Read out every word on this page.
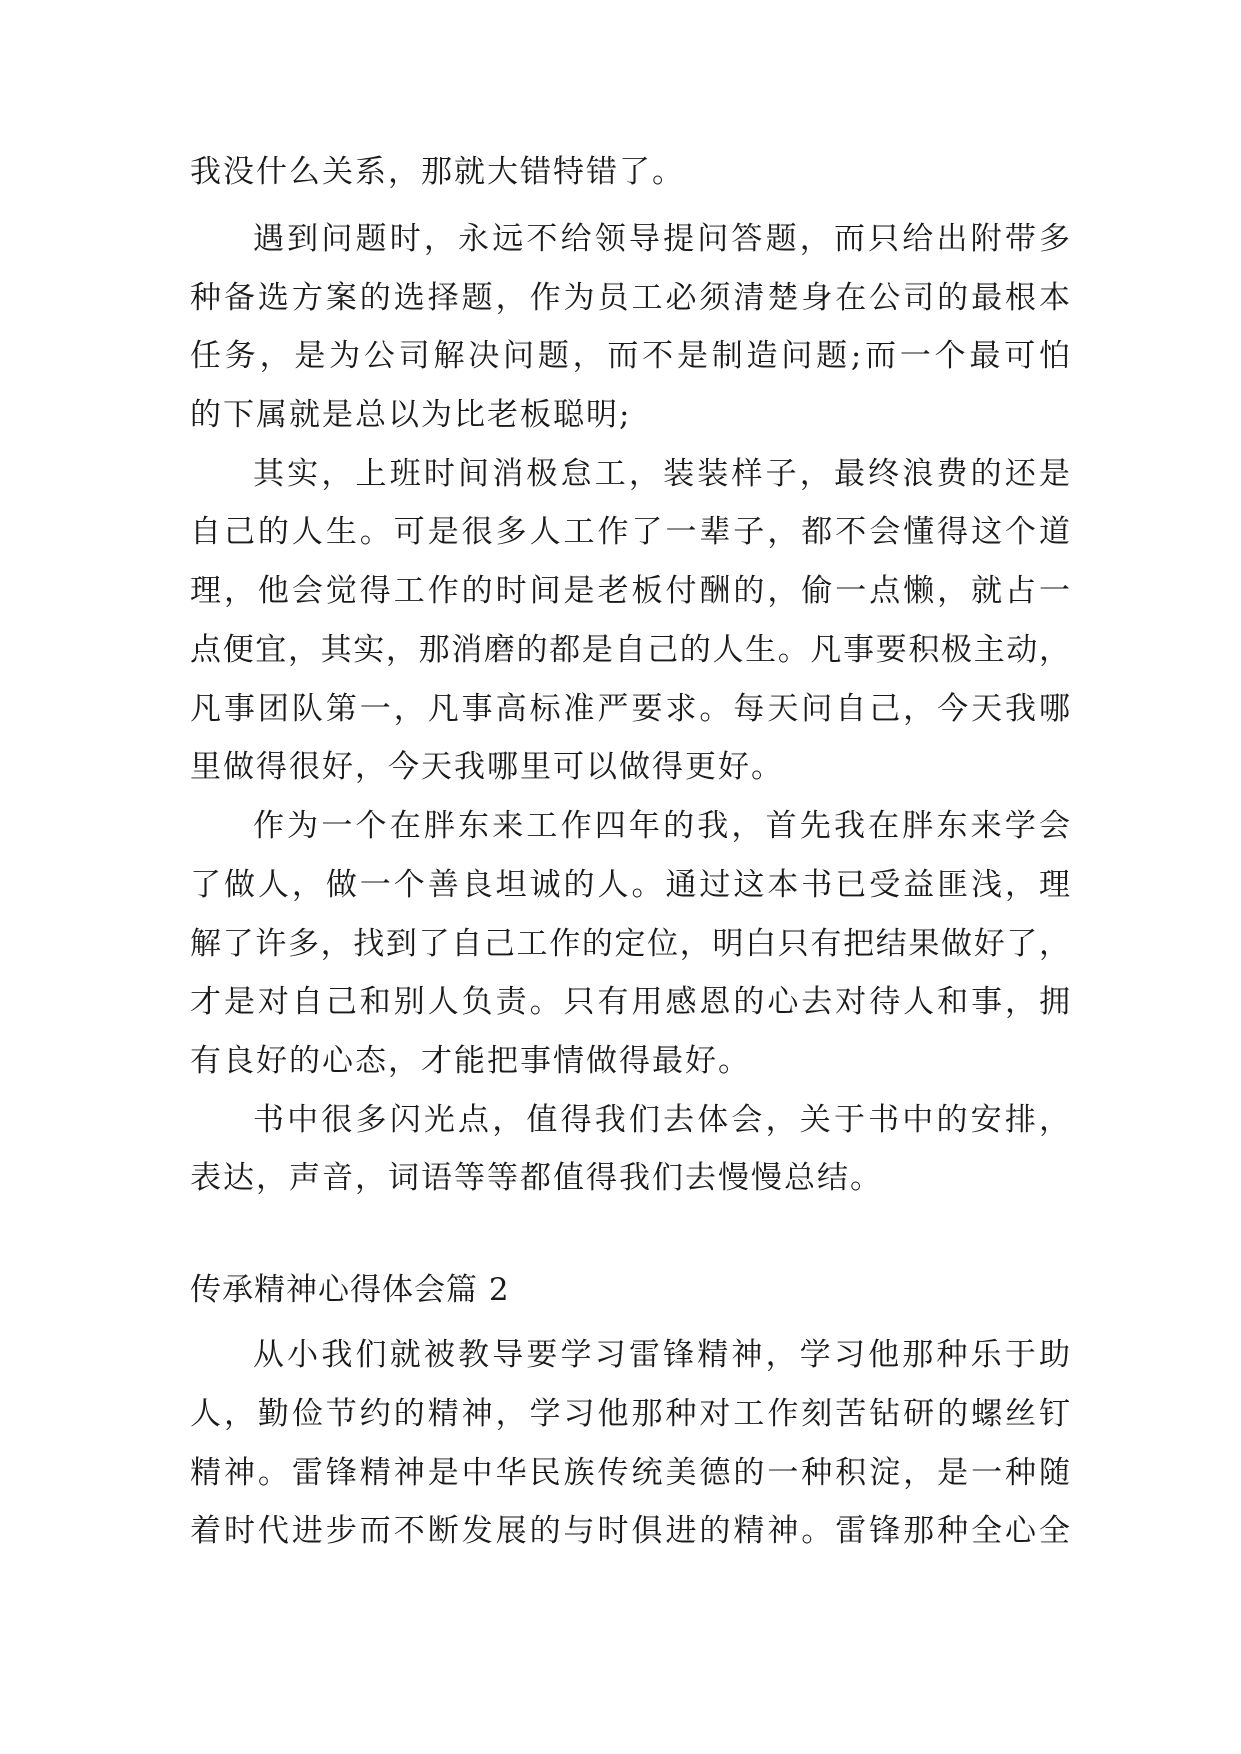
我没什么关系，那就大错特错了。
遇到问题时，永远不给领导提问答题，而只给出附带多
种备选方案的选择题，作为员工必须清楚身在公司的最根本
任务，是为公司解决问题，而不是制造问题;而一个最可怕
的下属就是总以为比老板聪明;
其实，上班时间消极怠工，装装样子，最终浪费的还是
自己的人生。可是很多人工作了一辈子，都不会懂得这个道
理，他会觉得工作的时间是老板付酬的，偷一点懒，就占一
点便宜，其实，那消磨的都是自己的人生。凡事要积极主动，
凡事团队第一，凡事高标准严要求。每天问自己，今天我哪
里做得很好，今天我哪里可以做得更好。
作为一个在胖东来工作四年的我，首先我在胖东来学会
了做人，做一个善良坦诚的人。通过这本书已受益匪浅，理
解了许多，找到了自己工作的定位，明白只有把结果做好了，
才是对自己和别人负责。只有用感恩的心去对待人和事，拥
有良好的心态，才能把事情做得最好。
书中很多闪光点，值得我们去体会，关于书中的安排，
表达，声音，词语等等都值得我们去慢慢总结。
传承精神心得体会篇 2
从小我们就被教导要学习雷锋精神，学习他那种乐于助
人，勤俭节约的精神，学习他那种对工作刻苦钻研的螺丝钉
精神。雷锋精神是中华民族传统美德的一种积淀，是一种随
着时代进步而不断发展的与时俱进的精神。雷锋那种全心全
